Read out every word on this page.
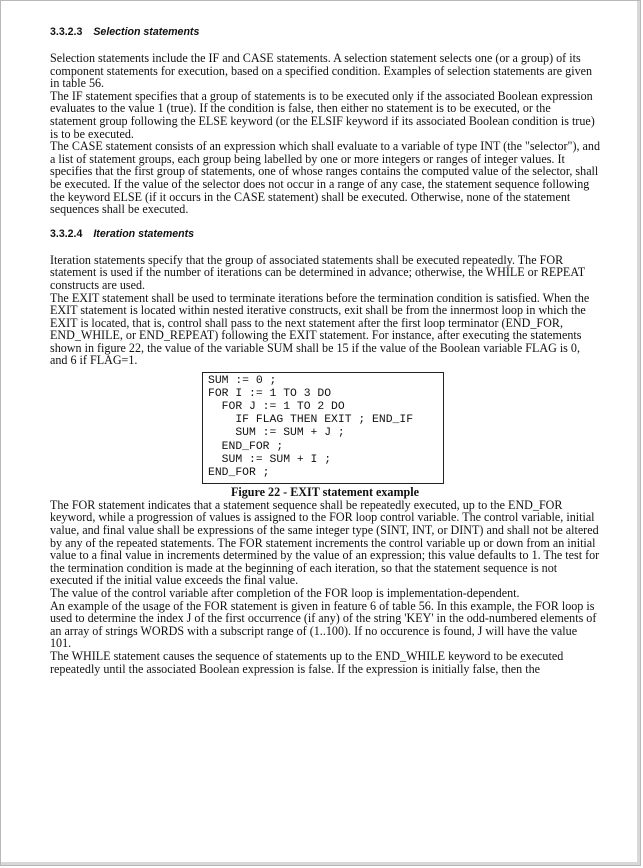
3.3.2.3 Selection statements

Selection statements include the IF and CASE statements. A selection statement selects one (or a group) of its component statements for execution, based on a specified condition. Examples of selection statements are given in table 56.

The IF statement specifies that a group of statements is to be executed only if the associated Boolean expression evaluates to the value 1 (true). If the condition is false, then either no statement is to be executed, or the statement group following the ELSE keyword (or the ELSIF keyword if its associated Boolean condition is true) is to be executed.

The CASE statement consists of an expression which shall evaluate to a variable of type INT (the "selector"), and a list of statement groups, each group being labelled by one or more integers or ranges of integer values. It specifies that the first group of statements, one of whose ranges contains the computed value of the selector, shall be executed. If the value of the selector does not occur in a range of any case, the statement sequence following the keyword ELSE (if it occurs in the CASE statement) shall be executed. Otherwise, none of the statement sequences shall be executed.

3.3.2.4 Iteration statements

Iteration statements specify that the group of associated statements shall be executed repeatedly. The FOR statement is used if the number of iterations can be determined in advance; otherwise, the WHILE or REPEAT constructs are used.

The EXIT statement shall be used to terminate iterations before the termination condition is satisfied. When the EXIT statement is located within nested iterative constructs, exit shall be from the innermost loop in which the EXIT is located, that is, control shall pass to the next statement after the first loop terminator (END_FOR, END_WHILE, or END_REPEAT) following the EXIT statement. For instance, after executing the statements shown in figure 22, the value of the variable SUM shall be 15 if the value of the Boolean variable FLAG is 0, and 6 if FLAG=1.

SUM := 0 ;
FOR I := 1 TO 3 DO
FOR J := 1 TO 2 DO
IF FLAG THEN EXIT ; END_IF
SUM := SUM + J ;
END_FOR ;
SUM := SUM + I ;
END_FOR ;
Figure 22 - EXIT statement example

The FOR statement indicates that a statement sequence shall be repeatedly executed, up to the END_FOR keyword, while a progression of values is assigned to the FOR loop control variable. The control variable, initial value, and final value shall be expressions of the same integer type (SINT, INT, or DINT) and shall not be altered by any of the repeated statements. The FOR statement increments the control variable up or down from an initial value to a final value in increments determined by the value of an expression; this value defaults to 1. The test for the termination condition is made at the beginning of each iteration, so that the statement sequence is not executed if the initial value exceeds the final value.

The value of the control variable after completion of the FOR loop is implementation-dependent.

An example of the usage of the FOR statement is given in feature 6 of table 56. In this example, the FOR loop is used to determine the index J of the first occurrence (if any) of the string 'KEY' in the odd-numbered elements of an array of strings WORDS with a subscript range of (1..100). If no occurence is found, J will have the value 101.

The WHILE statement causes the sequence of statements up to the END_WHILE keyword to be executed repeatedly until the associated Boolean expression is false. If the expression is initially false, then the
